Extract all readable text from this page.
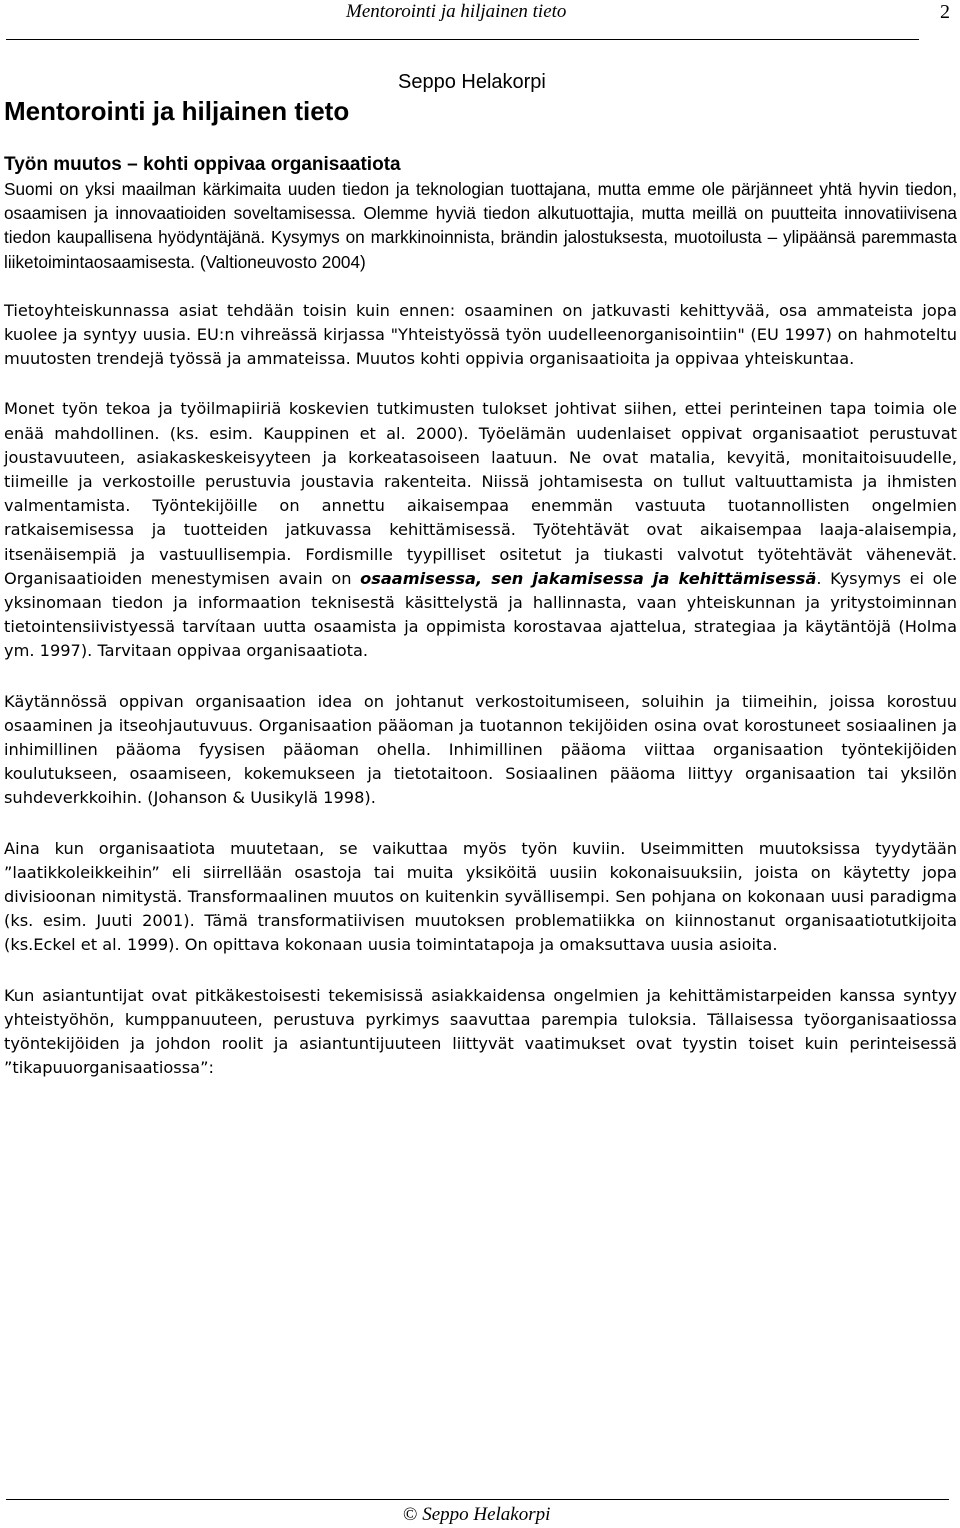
Mentorointi ja hiljainen tieto	2
Seppo Helakorpi
Mentorointi ja hiljainen tieto
Työn muutos – kohti oppivaa organisaatiota

Suomi on yksi maailman kärkimaita uuden tiedon ja teknologian tuottajana, mutta emme ole pärjänneet yhtä hyvin tiedon, osaamisen ja innovaatioiden soveltamisessa. Olemme hyviä tiedon alkutuottajia, mutta meillä on puutteita innovatiivisena tiedon kaupallisena hyödyntäjänä. Kysymys on markkinoinnista, brändin jalostuksesta, muotoilusta – ylipäänsä paremmasta liiketoimintaosaamisesta. (Valtioneuvosto 2004)

Tietoyhteiskunnassa asiat tehdään toisin kuin ennen: osaaminen on jatkuvasti kehittyvää, osa ammateista jopa kuolee ja syntyy uusia. EU:n vihreässä kirjassa "Yhteistyössä työn uudelleenorganisointiin" (EU 1997) on hahmoteltu muutosten trendejä työssä ja ammateissa. Muutos kohti oppivia organisaatioita ja oppivaa yhteiskuntaa.

Monet työn tekoa ja työilmapiiriä koskevien tutkimusten tulokset johtivat siihen, ettei perinteinen tapa toimia ole enää mahdollinen. (ks. esim. Kauppinen et al. 2000). Työelämän uudenlaiset oppivat organisaatiot perustuvat joustavuuteen, asiakaskeskeisyyteen ja korkeatasoiseen laatuun. Ne ovat matalia, kevyitä, monitaitoisuudelle, tiimeille ja verkostoille perustuvia joustavia rakenteita. Niissä johtamisesta on tullut valtuuttamista ja ihmisten valmentamista. Työntekijöille on annettu aikaisempaa enemmän vastuuta tuotannollisten ongelmien ratkaisemisessa ja tuotteiden jatkuvassa kehittämisessä. Työtehtävät ovat aikaisempaa laaja-alaisempia, itsenäisempiä ja vastuullisempia. Fordismille tyypilliset ositetut ja tiukasti valvotut työtehtävät vähenevät. Organisaatioiden menestymisen avain on osaamisessa, sen jakamisessa ja kehittämisessä. Kysymys ei ole yksinomaan tiedon ja informaation teknisestä käsittelystä ja hallinnasta, vaan yhteiskunnan ja yritystoiminnan tietointensiivistyessä tarvítaan uutta osaamista ja oppimista korostavaa ajattelua, strategiaa ja käytäntöjä (Holma ym. 1997). Tarvitaan oppivaa organisaatiota.

Käytännössä oppivan organisaation idea on johtanut verkostoitumiseen, soluihin ja tiimeihin, joissa korostuu osaaminen ja itseohjautuvuus. Organisaation pääoman ja tuotannon tekijöiden osina ovat korostuneet sosiaalinen ja inhimillinen pääoma fyysisen pääoman ohella. Inhimillinen pääoma viittaa organisaation työntekijöiden koulutukseen, osaamiseen, kokemukseen ja tietotaitoon. Sosiaalinen pääoma liittyy organisaation tai yksilön suhdeverkkoihin. (Johanson & Uusikylä 1998).

Aina kun organisaatiota muutetaan, se vaikuttaa myös työn kuviin. Useimmitten muutoksissa tyydytään ”laatikkoleikkeihin” eli siirrellään osastoja tai muita yksiköitä uusiin kokonaisuuksiin, joista on käytetty jopa divisioonan nimitystä. Transformaalinen muutos on kuitenkin syvällisempi. Sen pohjana on kokonaan uusi paradigma (ks. esim. Juuti 2001). Tämä transformatiivisen muutoksen problematiikka on kiinnostanut organisaatiotutkijoita (ks.Eckel et al. 1999). On opittava kokonaan uusia toimintatapoja ja omaksuttava uusia asioita.

Kun asiantuntijat ovat pitkäkestoisesti tekemisissä asiakkaidensa ongelmien ja kehittämistarpeiden kanssa syntyy yhteistyöhön, kumppanuuteen, perustuva pyrkimys saavuttaa parempia tuloksia. Tällaisessa työorganisaatiossa työntekijöiden ja johdon roolit ja asiantuntijuuteen liittyvät vaatimukset ovat tyystin toiset kuin perinteisessä ”tikapuuorganisaatiossa”:

© Seppo Helakorpi
